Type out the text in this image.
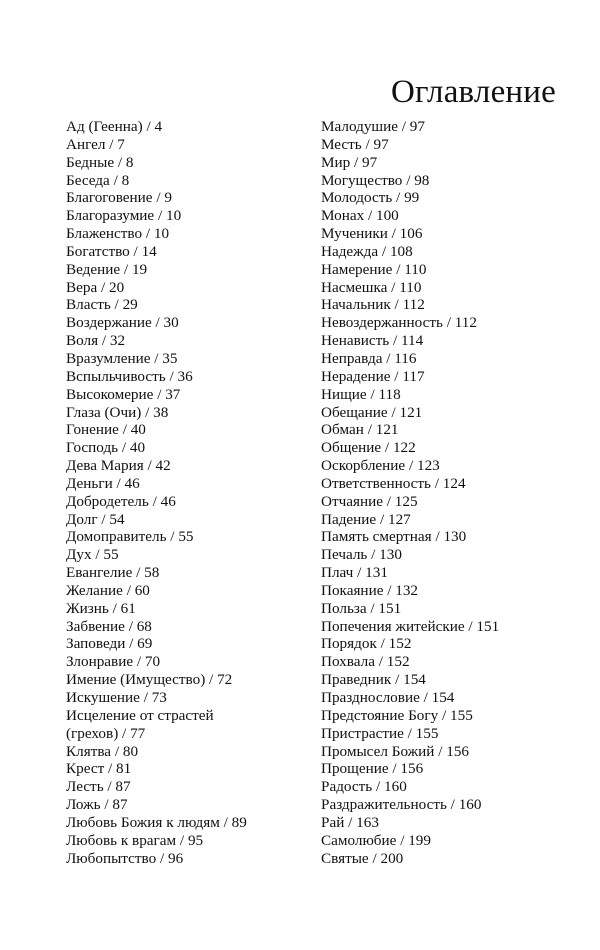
Оглавление
Ад (Геенна) / 4
Ангел / 7
Бедные / 8
Беседа / 8
Благоговение / 9
Благоразумие / 10
Блаженство / 10
Богатство / 14
Ведение / 19
Вера / 20
Власть / 29
Воздержание / 30
Воля / 32
Вразумление / 35
Вспыльчивость / 36
Высокомерие / 37
Глаза (Очи) / 38
Гонение / 40
Господь / 40
Дева Мария / 42
Деньги / 46
Добродетель / 46
Долг / 54
Домоправитель / 55
Дух / 55
Евангелие / 58
Желание / 60
Жизнь / 61
Забвение / 68
Заповеди / 69
Злонравие / 70
Имение (Имущество) / 72
Искушение / 73
Исцеление от страстей
(грехов) / 77
Клятва / 80
Крест / 81
Лесть / 87
Ложь / 87
Любовь Божия к людям / 89
Любовь к врагам / 95
Любопытство / 96
Малодушие / 97
Месть / 97
Мир / 97
Могущество / 98
Молодость / 99
Монах / 100
Мученики / 106
Надежда / 108
Намерение / 110
Насмешка / 110
Начальник / 112
Невоздержанность / 112
Ненависть / 114
Неправда / 116
Нерадение / 117
Нищие / 118
Обещание / 121
Обман / 121
Общение / 122
Оскорбление / 123
Ответственность / 124
Отчаяние / 125
Падение / 127
Память смертная / 130
Печаль / 130
Плач / 131
Покаяние / 132
Польза / 151
Попечения житейские / 151
Порядок / 152
Похвала / 152
Праведник / 154
Празднословие / 154
Предстояние Богу / 155
Пристрастие / 155
Промысел Божий / 156
Прощение / 156
Радость / 160
Раздражительность / 160
Рай / 163
Самолюбие / 199
Святые / 200
